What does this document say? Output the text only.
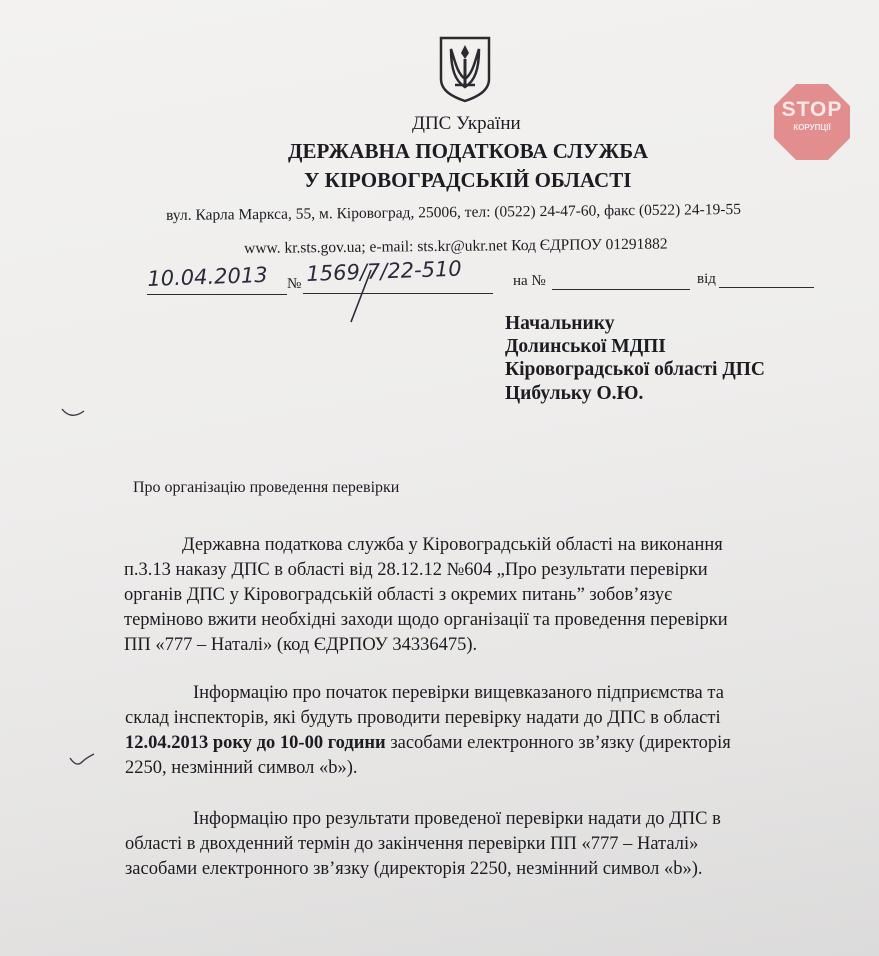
STOP
КОРУПЦІЇ
ДПС України
ДЕРЖАВНА ПОДАТКОВА СЛУЖБА
У КІРОВОГРАДСЬКІЙ ОБЛАСТІ
вул. Карла Маркса, 55, м. Кіровоград, 25006, тел: (0522) 24-47-60, факс (0522) 24-19-55
www. kr.sts.gov.ua; e-mail: sts.kr@ukr.net Код ЄДРПОУ 01291882
10.04.2013 № 1569/7/22-510	на №	від
Начальнику
Долинської МДПІ
Кіровоградської області ДПС
Цибульку О.Ю.
Про організацію проведення перевірки
Державна податкова служба у Кіровоградській області на виконання
п.3.13 наказу ДПС в області від 28.12.12 №604 „Про результати перевірки
органів ДПС у Кіровоградській області з окремих питань” зобов’язує
терміново вжити необхідні заходи щодо організації та проведення перевірки
ПП «777 – Наталі» (код ЄДРПОУ 34336475).
Інформацію про початок перевірки вищевказаного підприємства та
склад інспекторів, які будуть проводити перевірку надати до ДПС в області
12.04.2013 року до 10-00 години засобами електронного зв’язку (директорія
2250, незмінний символ «b»).
Інформацію про результати проведеної перевірки надати до ДПС в
області в двохденний термін до закінчення перевірки ПП «777 – Наталі»
засобами електронного зв’язку (директорія 2250, незмінний символ «b»).
